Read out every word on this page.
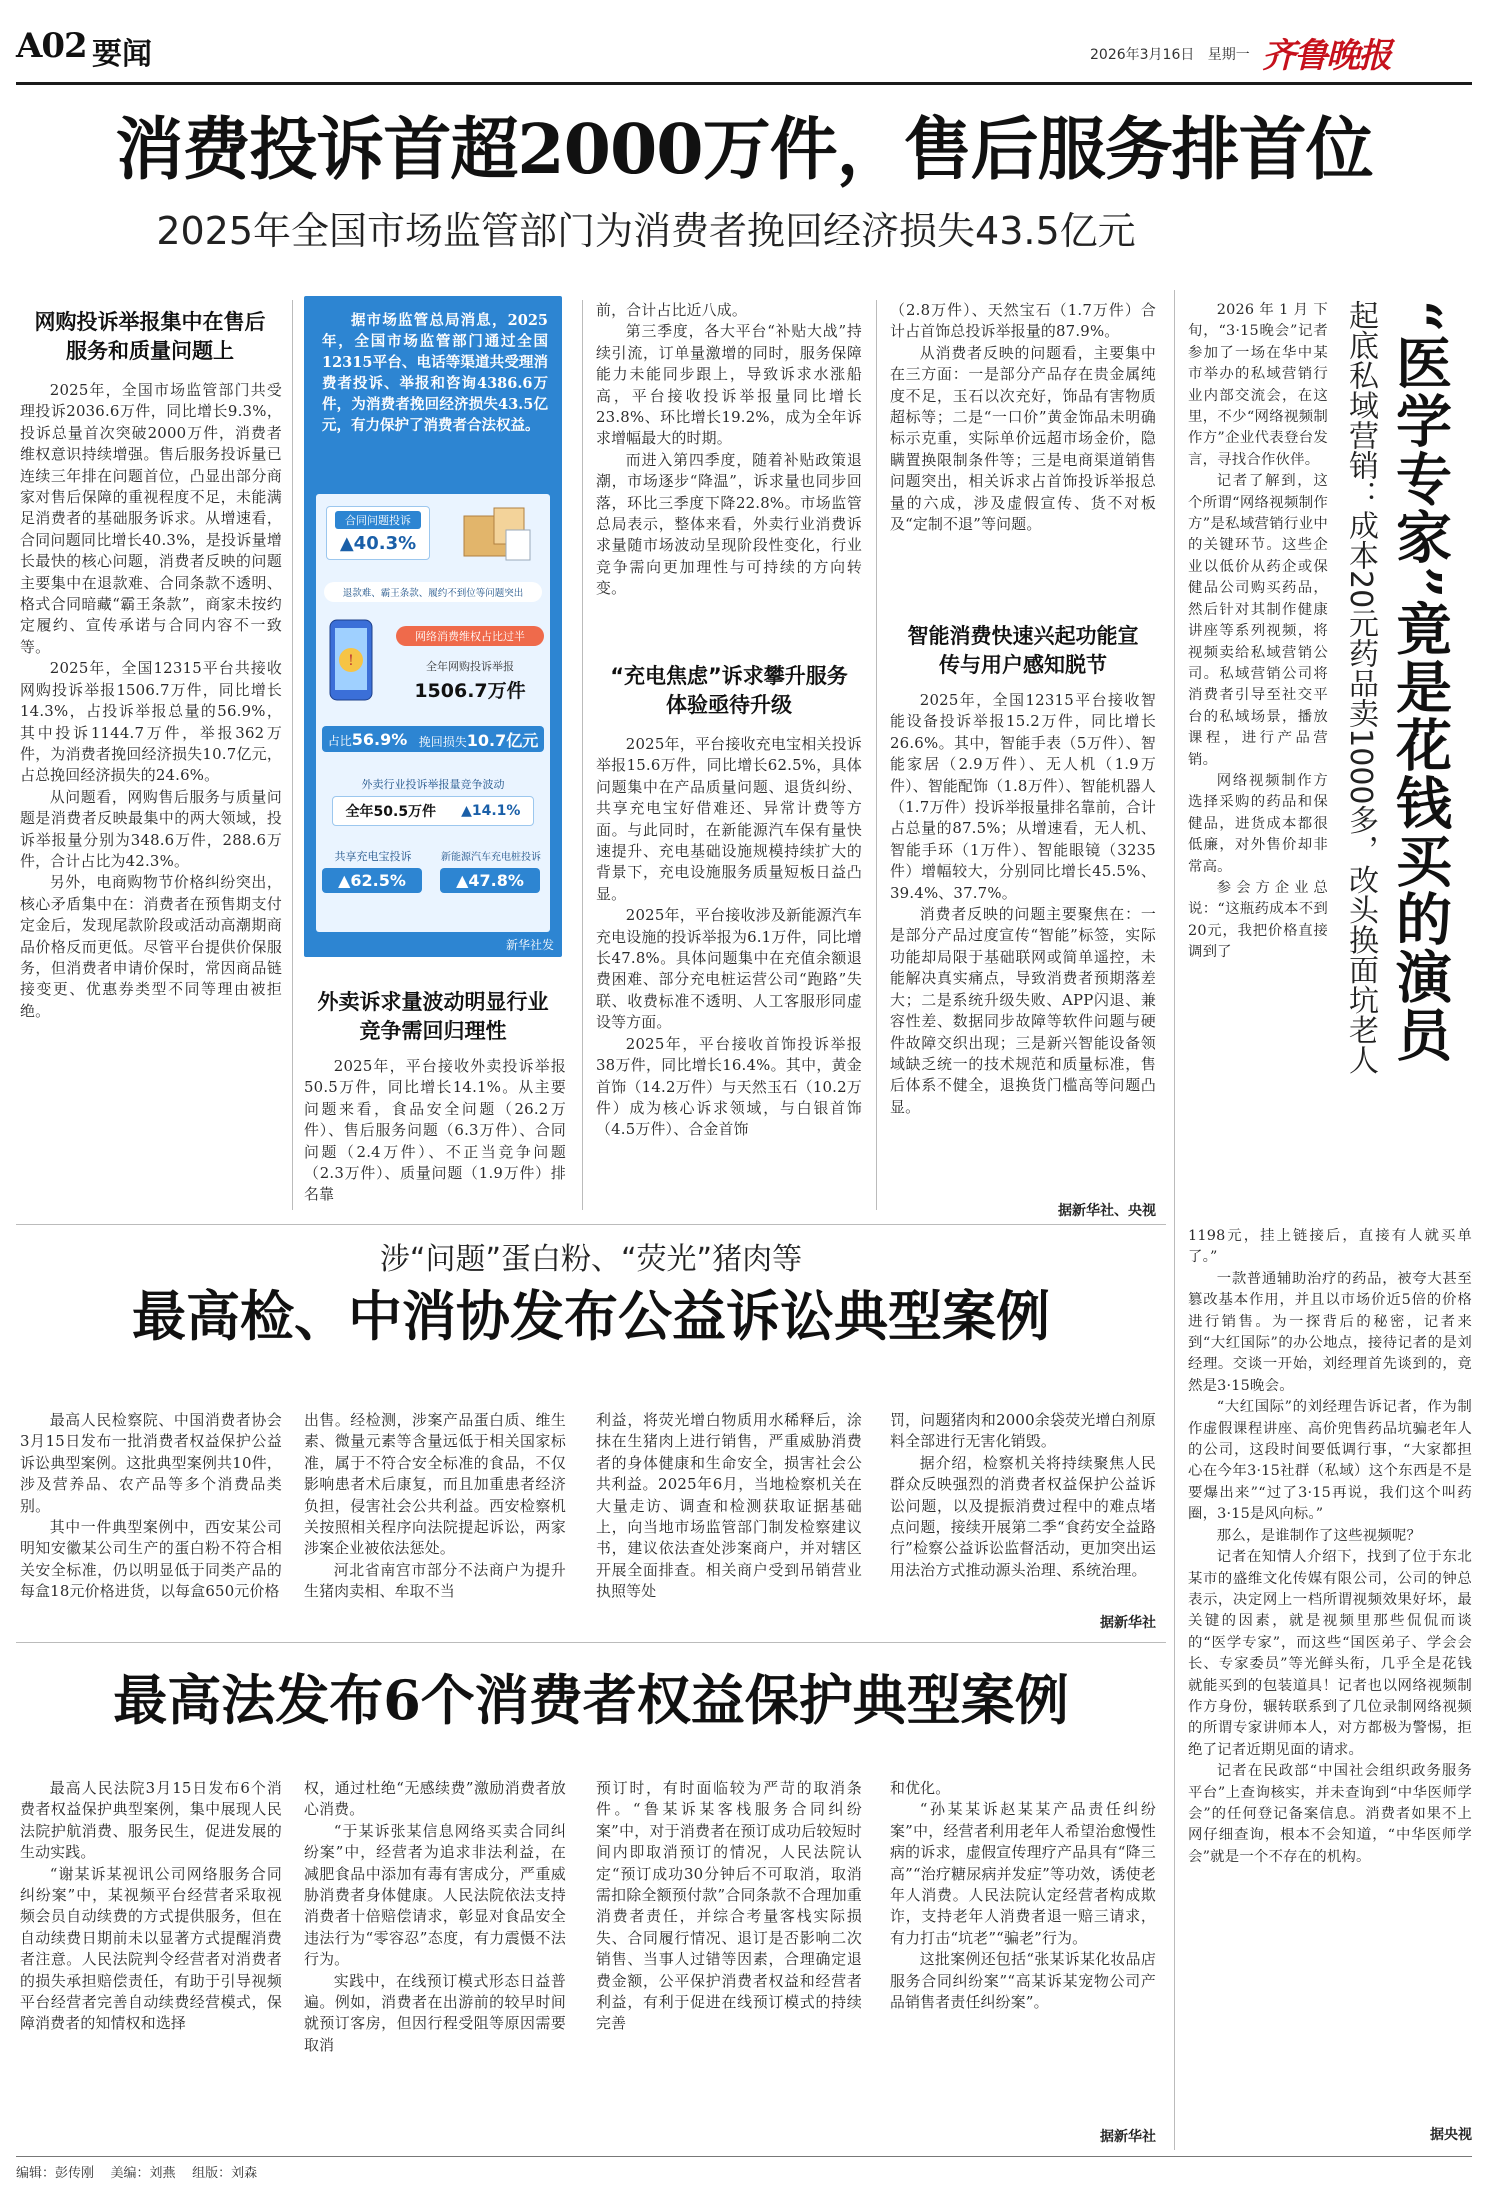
A02 要闻	2026年3月16日 星期一 齐鲁晚报
消费投诉首超2000万件，售后服务排首位
2025年全国市场监管部门为消费者挽回经济损失43.5亿元
网购投诉举报集中在售后服务和质量问题上

2025年，全国市场监管部门共受理投诉2036.6万件，同比增长9.3%，投诉总量首次突破2000万件，消费者维权意识持续增强。售后服务投诉量已连续三年排在问题首位，凸显出部分商家对售后保障的重视程度不足，未能满足消费者的基础服务诉求。从增速看，合同问题同比增长40.3%，是投诉量增长最快的核心问题，消费者反映的问题主要集中在退款难、合同条款不透明、格式合同暗藏“霸王条款”，商家未按约定履约、宣传承诺与合同内容不一致等。

2025年，全国12315平台共接收网购投诉举报1506.7万件，同比增长14.3%，占投诉举报总量的56.9%，其中投诉1144.7万件，举报362万件，为消费者挽回经济损失10.7亿元，占总挽回经济损失的24.6%。

从问题看，网购售后服务与质量问题是消费者反映最集中的两大领域，投诉举报量分别为348.6万件，288.6万件，合计占比为42.3%。

另外，电商购物节价格纠纷突出，核心矛盾集中在：消费者在预售期支付定金后，发现尾款阶段或活动高潮期商品价格反而更低。尽管平台提供价保服务，但消费者申请价保时，常因商品链接变更、优惠券类型不同等理由被拒绝。

据市场监管总局消息，2025年，全国市场监管部门通过全国12315平台、电话等渠道共受理消费者投诉、举报和咨询4386.6万件，为消费者挽回经济损失43.5亿元，有力保护了消费者合法权益。
合同问题投诉
▲40.3%
退款难、霸王条款、履约不到位等问题突出
!
网络消费维权占比过半
全年网购投诉举报
1506.7万件
占比56.9% 挽回损失10.7亿元
外卖行业投诉举报量竞争波动
全年50.5万件 ▲14.1%
共享充电宝投诉
▲62.5%
新能源汽车充电桩投诉
▲47.8%
新华社发
外卖诉求量波动明显行业竞争需回归理性

2025年，平台接收外卖投诉举报50.5万件，同比增长14.1%。从主要问题来看，食品安全问题（26.2万件）、售后服务问题（6.3万件）、合同问题（2.4万件）、不正当竞争问题（2.3万件）、质量问题（1.9万件）排名靠

前，合计占比近八成。

第三季度，各大平台“补贴大战”持续引流，订单量激增的同时，服务保障能力未能同步跟上，导致诉求水涨船高，平台接收投诉举报量同比增长23.8%、环比增长19.2%，成为全年诉求增幅最大的时期。

而进入第四季度，随着补贴政策退潮，市场逐步“降温”，诉求量也同步回落，环比三季度下降22.8%。市场监管总局表示，整体来看，外卖行业消费诉求量随市场波动呈现阶段性变化，行业竞争需向更加理性与可持续的方向转变。

“充电焦虑”诉求攀升服务体验亟待升级

2025年，平台接收充电宝相关投诉举报15.6万件，同比增长62.5%，具体问题集中在产品质量问题、退货纠纷、共享充电宝好借难还、异常计费等方面。与此同时，在新能源汽车保有量快速提升、充电基础设施规模持续扩大的背景下，充电设施服务质量短板日益凸显。

2025年，平台接收涉及新能源汽车充电设施的投诉举报为6.1万件，同比增长47.8%。具体问题集中在充值余额退费困难、部分充电桩运营公司“跑路”失联、收费标准不透明、人工客服形同虚设等方面。

2025年，平台接收首饰投诉举报38万件，同比增长16.4%。其中，黄金首饰（14.2万件）与天然玉石（10.2万件）成为核心诉求领域，与白银首饰（4.5万件）、合金首饰

（2.8万件）、天然宝石（1.7万件）合计占首饰总投诉举报量的87.9%。

从消费者反映的问题看，主要集中在三方面：一是部分产品存在贵金属纯度不足，玉石以次充好，饰品有害物质超标等；二是“一口价”黄金饰品未明确标示克重，实际单价远超市场金价，隐瞒置换限制条件等；三是电商渠道销售问题突出，相关诉求占首饰投诉举报总量的六成，涉及虚假宣传、货不对板及“定制不退”等问题。

智能消费快速兴起功能宣传与用户感知脱节

2025年，全国12315平台接收智能设备投诉举报15.2万件，同比增长26.6%。其中，智能手表（5万件）、智能家居（2.9万件）、无人机（1.9万件）、智能配饰（1.8万件）、智能机器人（1.7万件）投诉举报量排名靠前，合计占总量的87.5%；从增速看，无人机、智能手环（1万件）、智能眼镜（3235件）增幅较大，分别同比增长45.5%、39.4%、37.7%。

消费者反映的问题主要聚焦在：一是部分产品过度宣传“智能”标签，实际功能却局限于基础联网或简单遥控，未能解决真实痛点，导致消费者预期落差大；二是系统升级失败、APP闪退、兼容性差、数据同步故障等软件问题与硬件故障交织出现；三是新兴智能设备领域缺乏统一的技术规范和质量标准，售后体系不健全，退换货门槛高等问题凸显。

据新华社、央视
“医学专家”竟是花钱买的演员
起底私域营销：成本20元药品卖1000多，改头换面坑老人

2026年1月下旬，“3·15晚会”记者参加了一场在华中某市举办的私域营销行业内部交流会，在这里，不少“网络视频制作方”企业代表登台发言，寻找合作伙伴。

记者了解到，这个所谓“网络视频制作方”是私域营销行业中的关键环节。这些企业以低价从药企或保健品公司购买药品，然后针对其制作健康讲座等系列视频，将视频卖给私域营销公司。私域营销公司将消费者引导至社交平台的私域场景，播放课程，进行产品营销。

网络视频制作方选择采购的药品和保健品，进货成本都很低廉，对外售价却非常高。

参会方企业总说：“这瓶药成本不到20元，我把价格直接调到了

1198元，挂上链接后，直接有人就买单了。”

一款普通辅助治疗的药品，被夸大甚至篡改基本作用，并且以市场价近5倍的价格进行销售。为一探背后的秘密，记者来到“大红国际”的办公地点，接待记者的是刘经理。交谈一开始，刘经理首先谈到的，竟然是3·15晚会。

“大红国际”的刘经理告诉记者，作为制作虚假课程讲座、高价兜售药品坑骗老年人的公司，这段时间要低调行事，“大家都担心在今年3·15社群（私域）这个东西是不是要爆出来”“过了3·15再说，我们这个叫药圈，3·15是风向标。”

那么，是谁制作了这些视频呢？

记者在知情人介绍下，找到了位于东北某市的盛维文化传媒有限公司，公司的钟总表示，决定网上一档所谓视频效果好坏，最关键的因素，就是视频里那些侃侃而谈的“医学专家”，而这些“国医弟子、学会会长、专家委员”等光鲜头衔，几乎全是花钱就能买到的包装道具！记者也以网络视频制作方身份，辗转联系到了几位录制网络视频的所谓专家讲师本人，对方都极为警惕，拒绝了记者近期见面的请求。

记者在民政部“中国社会组织政务服务平台”上查询核实，并未查询到“中华医师学会”的任何登记备案信息。消费者如果不上网仔细查询，根本不会知道，“中华医师学会”就是一个不存在的机构。

据央视
涉“问题”蛋白粉、“荧光”猪肉等
最高检、中消协发布公益诉讼典型案例

最高人民检察院、中国消费者协会3月15日发布一批消费者权益保护公益诉讼典型案例。这批典型案例共10件，涉及营养品、农产品等多个消费品类别。

其中一件典型案例中，西安某公司明知安徽某公司生产的蛋白粉不符合相关安全标准，仍以明显低于同类产品的每盒18元价格进货，以每盒650元价格

出售。经检测，涉案产品蛋白质、维生素、微量元素等含量远低于相关国家标准，属于不符合安全标准的食品，不仅影响患者术后康复，而且加重患者经济负担，侵害社会公共利益。西安检察机关按照相关程序向法院提起诉讼，两家涉案企业被依法惩处。

河北省南宫市部分不法商户为提升生猪肉卖相、牟取不当

利益，将荧光增白物质用水稀释后，涂抹在生猪肉上进行销售，严重威胁消费者的身体健康和生命安全，损害社会公共利益。2025年6月，当地检察机关在大量走访、调查和检测获取证据基础上，向当地市场监管部门制发检察建议书，建议依法查处涉案商户，并对辖区开展全面排查。相关商户受到吊销营业执照等处

罚，问题猪肉和2000余袋荧光增白剂原料全部进行无害化销毁。

据介绍，检察机关将持续聚焦人民群众反映强烈的消费者权益保护公益诉讼问题，以及提振消费过程中的难点堵点问题，接续开展第二季“食药安全益路行”检察公益诉讼监督活动，更加突出运用法治方式推动源头治理、系统治理。

据新华社
最高法发布6个消费者权益保护典型案例

最高人民法院3月15日发布6个消费者权益保护典型案例，集中展现人民法院护航消费、服务民生，促进发展的生动实践。

“谢某诉某视讯公司网络服务合同纠纷案”中，某视频平台经营者采取视频会员自动续费的方式提供服务，但在自动续费日期前未以显著方式提醒消费者注意。人民法院判令经营者对消费者的损失承担赔偿责任，有助于引导视频平台经营者完善自动续费经营模式，保障消费者的知情权和选择

权，通过杜绝“无感续费”激励消费者放心消费。

“于某诉张某信息网络买卖合同纠纷案”中，经营者为追求非法利益，在减肥食品中添加有毒有害成分，严重威胁消费者身体健康。人民法院依法支持消费者十倍赔偿请求，彰显对食品安全违法行为“零容忍”态度，有力震慑不法行为。

实践中，在线预订模式形态日益普遍。例如，消费者在出游前的较早时间就预订客房，但因行程受阻等原因需要取消

预订时，有时面临较为严苛的取消条件。“鲁某诉某客栈服务合同纠纷案”中，对于消费者在预订成功后较短时间内即取消预订的情况，人民法院认定“预订成功30分钟后不可取消，取消需扣除全额预付款”合同条款不合理加重消费者责任，并综合考量客栈实际损失、合同履行情况、退订是否影响二次销售、当事人过错等因素，合理确定退费金额，公平保护消费者权益和经营者利益，有利于促进在线预订模式的持续完善

和优化。

“孙某某诉赵某某产品责任纠纷案”中，经营者利用老年人希望治愈慢性病的诉求，虚假宣传理疗产品具有“降三高”“治疗糖尿病并发症”等功效，诱使老年人消费。人民法院认定经营者构成欺诈，支持老年人消费者退一赔三请求，有力打击“坑老”“骗老”行为。

这批案例还包括“张某诉某化妆品店服务合同纠纷案”“高某诉某宠物公司产品销售者责任纠纷案”。

据新华社
编辑：彭传刚 美编：刘燕 组版：刘森
